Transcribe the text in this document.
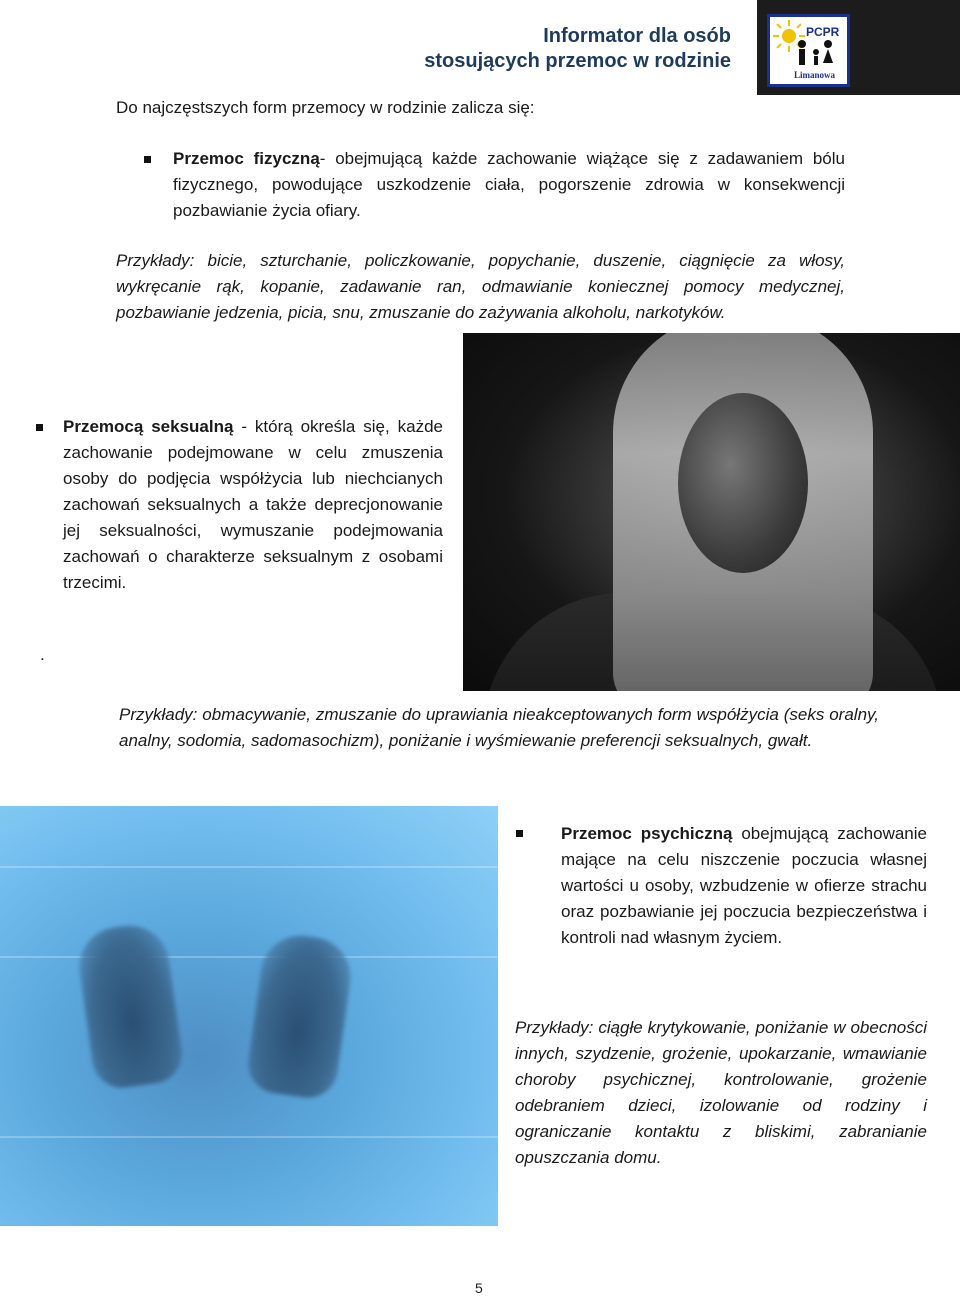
Informator dla osób
stosujących przemoc w rodzinie
PCPR
Limanowa
Do najczęstszych form przemocy w rodzinie zalicza się:
Przemoc fizyczną- obejmującą każde zachowanie wiążące się z zadawaniem bólu fizycznego, powodujące uszkodzenie ciała, pogorszenie zdrowia w konsekwencji pozbawianie życia ofiary.
Przykłady: bicie, szturchanie, policzkowanie, popychanie, duszenie, ciągnięcie za włosy, wykręcanie rąk, kopanie, zadawanie ran, odmawianie koniecznej pomocy medycznej, pozbawianie jedzenia, picia, snu, zmuszanie do zażywania alkoholu, narkotyków.
Przemocą seksualną - którą określa się, każde zachowanie podejmowane w celu zmuszenia osoby do podjęcia współżycia lub niechcianych zachowań seksualnych a także deprecjonowanie jej seksualności, wymuszanie podejmowania zachowań o charakterze seksualnym z osobami trzecimi.
.
Przykłady: obmacywanie, zmuszanie do uprawiania nieakceptowanych form współżycia (seks oralny, analny, sodomia, sadomasochizm), poniżanie i wyśmiewanie preferencji seksualnych, gwałt.
Przemoc psychiczną obejmującą zachowanie mające na celu niszczenie poczucia własnej wartości u osoby, wzbudzenie w ofierze strachu oraz pozbawianie jej poczucia bezpieczeństwa i kontroli nad własnym życiem.
Przykłady: ciągłe krytykowanie, poniżanie w obecności innych, szydzenie, grożenie, upokarzanie, wmawianie choroby psychicznej, kontrolowanie, grożenie odebraniem dzieci, izolowanie od rodziny i ograniczanie kontaktu z bliskimi, zabranianie opuszczania domu.
5
